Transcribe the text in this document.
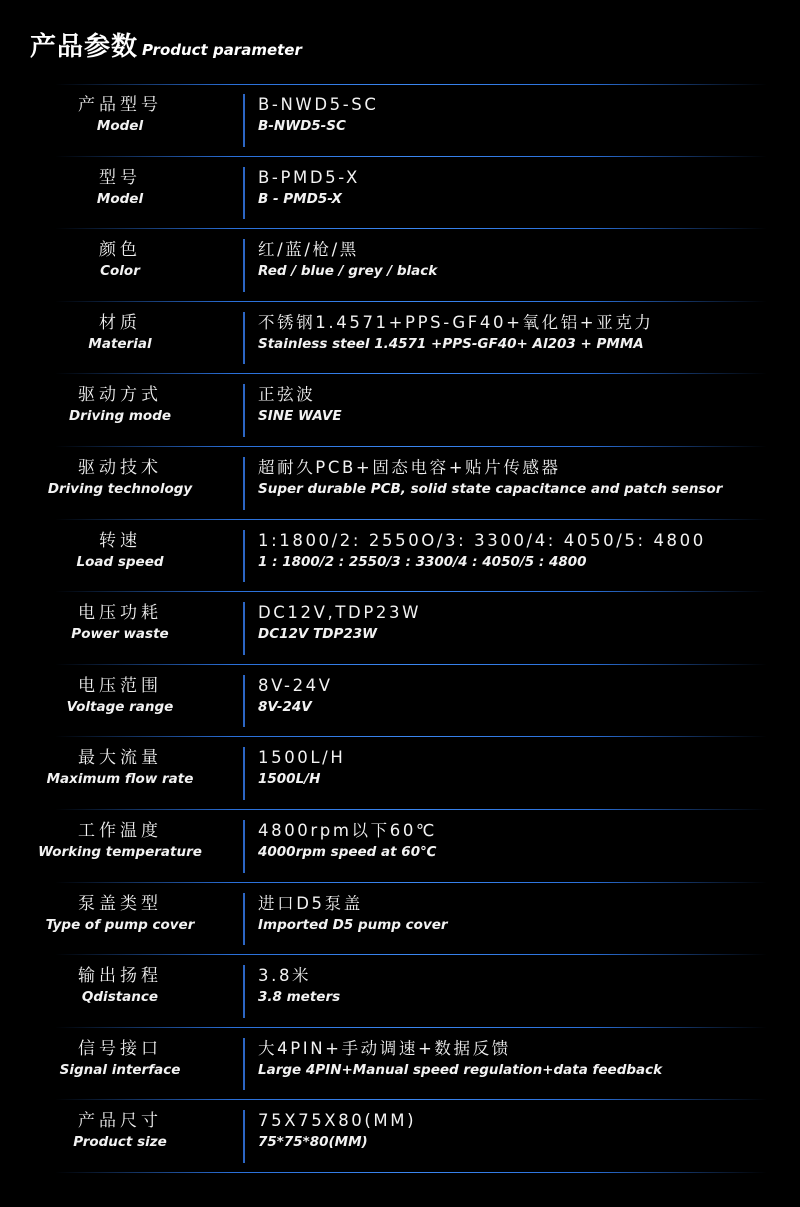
产品参数 Product parameter
产品型号
Model
B-NWD5-SC
B-NWD5-SC
型号
Model
B-PMD5-X
B - PMD5-X
颜色
Color
红/蓝/枪/黑
Red / blue / grey / black
材质
Material
不锈钢1.4571+PPS-GF40+氧化铝+亚克力
Stainless steel 1.4571 +PPS-GF40+ Al203 + PMMA
驱动方式
Driving mode
正弦波
SINE WAVE
驱动技术
Driving technology
超耐久PCB+固态电容+贴片传感器
Super durable PCB, solid state capacitance and patch sensor
转速
Load speed
1:1800/2: 2550O/3: 3300/4: 4050/5: 4800
1 : 1800/2 : 2550/3 : 3300/4 : 4050/5 : 4800
电压功耗
Power waste
DC12V,TDP23W
DC12V TDP23W
电压范围
Voltage range
8V-24V
8V-24V
最大流量
Maximum flow rate
1500L/H
1500L/H
工作温度
Working temperature
4800rpm以下60℃
4000rpm speed at 60℃
泵盖类型
Type of pump cover
进口D5泵盖
Imported D5 pump cover
输出扬程
Qdistance
3.8米
3.8 meters
信号接口
Signal interface
大4PIN+手动调速+数据反馈
Large 4PIN+Manual speed regulation+data feedback
产品尺寸
Product size
75X75X80(MM)
75*75*80(MM)
